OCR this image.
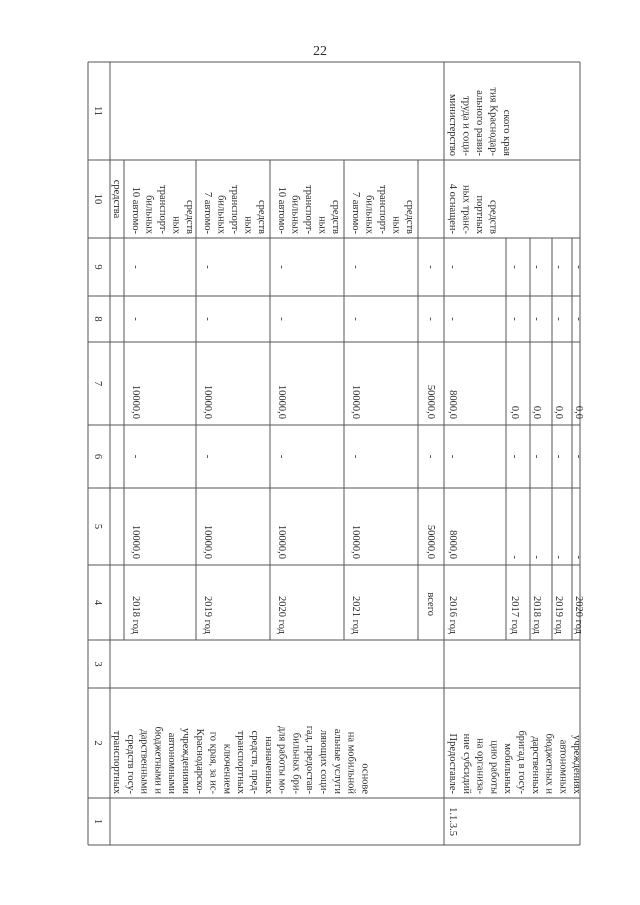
22
1
2
3
4
5
6
7
8
9
10
11
транспортных средств госу- дарственными бюджетными и автономными учреждениями Краснодарско- го края, за ис- ключением транспортных средств, пред- назначенных для работы мо- бильных бри- гад, предостав- ляющих соци- альные услуги на мобильной основе
средства
2018 год
10000,0
-
10000,0
-
-
10 автомо- бильных транспорт- ных средств
2019 год
10000,0
-
10000,0
-
-
7 автомо- бильных транспорт- ных средств
2020 год
10000,0
-
10000,0
-
-
10 автомо- бильных транспорт- ных средств
2021 год
10000,0
-
10000,0
-
-
7 автомо- бильных транспорт- ных средств
всего
50000,0
-
50000,0
-
-
1.1.3.5
Предоставле- ние субсидий на организа- цию работы мобильных бригад в госу- дарственных бюджетных и автономных учреждениях
министерство труда и соци- ального разви- тия Краснодар- ского края
2016 год
8000,0
-
8000,0
-
-
4 оснащен- ных транс- портных средств
2017 год
-
-
0,0
-
-
2018 год
-
-
0,0
-
-
2019 год
-
-
0,0
-
-
2020 год
-
-
0,0
-
-
